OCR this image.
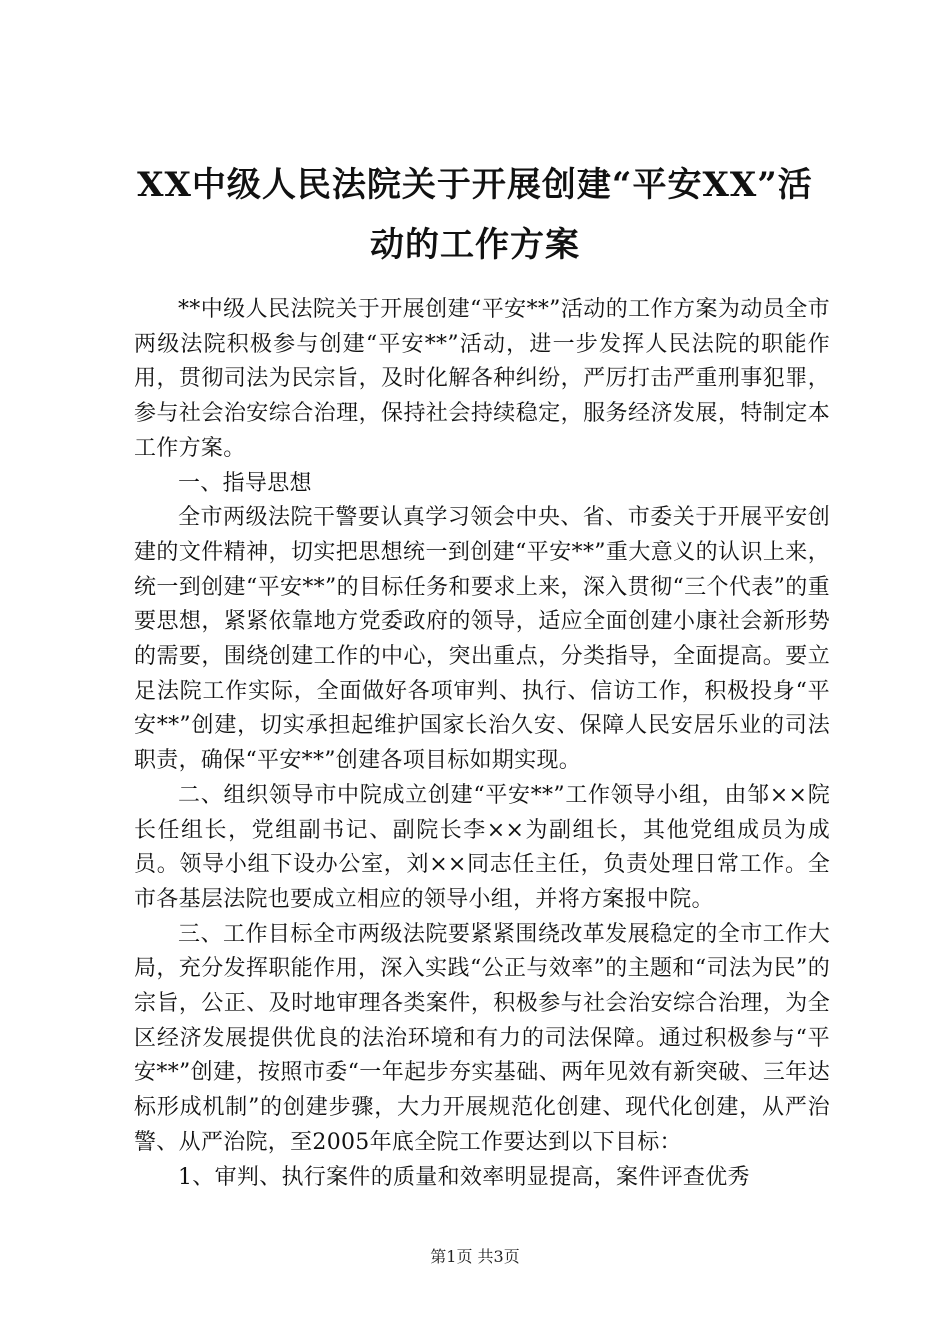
XX中级人民法院关于开展创建“平安XX”活
动的工作方案

**中级人民法院关于开展创建“平安**”活动的工作方案为动员全市两级法院积极参与创建“平安**”活动，进一步发挥人民法院的职能作用，贯彻司法为民宗旨，及时化解各种纠纷，严厉打击严重刑事犯罪，参与社会治安综合治理，保持社会持续稳定，服务经济发展，特制定本工作方案。

一、指导思想

全市两级法院干警要认真学习领会中央、省、市委关于开展平安创建的文件精神，切实把思想统一到创建“平安**”重大意义的认识上来，统一到创建“平安**”的目标任务和要求上来，深入贯彻“三个代表”的重要思想，紧紧依靠地方党委政府的领导，适应全面创建小康社会新形势的需要，围绕创建工作的中心，突出重点，分类指导，全面提高。要立足法院工作实际，全面做好各项审判、执行、信访工作，积极投身“平安**”创建，切实承担起维护国家长治久安、保障人民安居乐业的司法职责，确保“平安**”创建各项目标如期实现。

二、组织领导市中院成立创建“平安**”工作领导小组，由邹××院长任组长，党组副书记、副院长李××为副组长，其他党组成员为成员。领导小组下设办公室，刘××同志任主任，负责处理日常工作。全市各基层法院也要成立相应的领导小组，并将方案报中院。

三、工作目标全市两级法院要紧紧围绕改革发展稳定的全市工作大局，充分发挥职能作用，深入实践“公正与效率”的主题和“司法为民”的宗旨，公正、及时地审理各类案件，积极参与社会治安综合治理，为全区经济发展提供优良的法治环境和有力的司法保障。通过积极参与“平安**”创建，按照市委“一年起步夯实基础、两年见效有新突破、三年达标形成机制”的创建步骤，大力开展规范化创建、现代化创建，从严治警、从严治院，至2005年底全院工作要达到以下目标：

1、审判、执行案件的质量和效率明显提高，案件评查优秀

第1页 共3页
